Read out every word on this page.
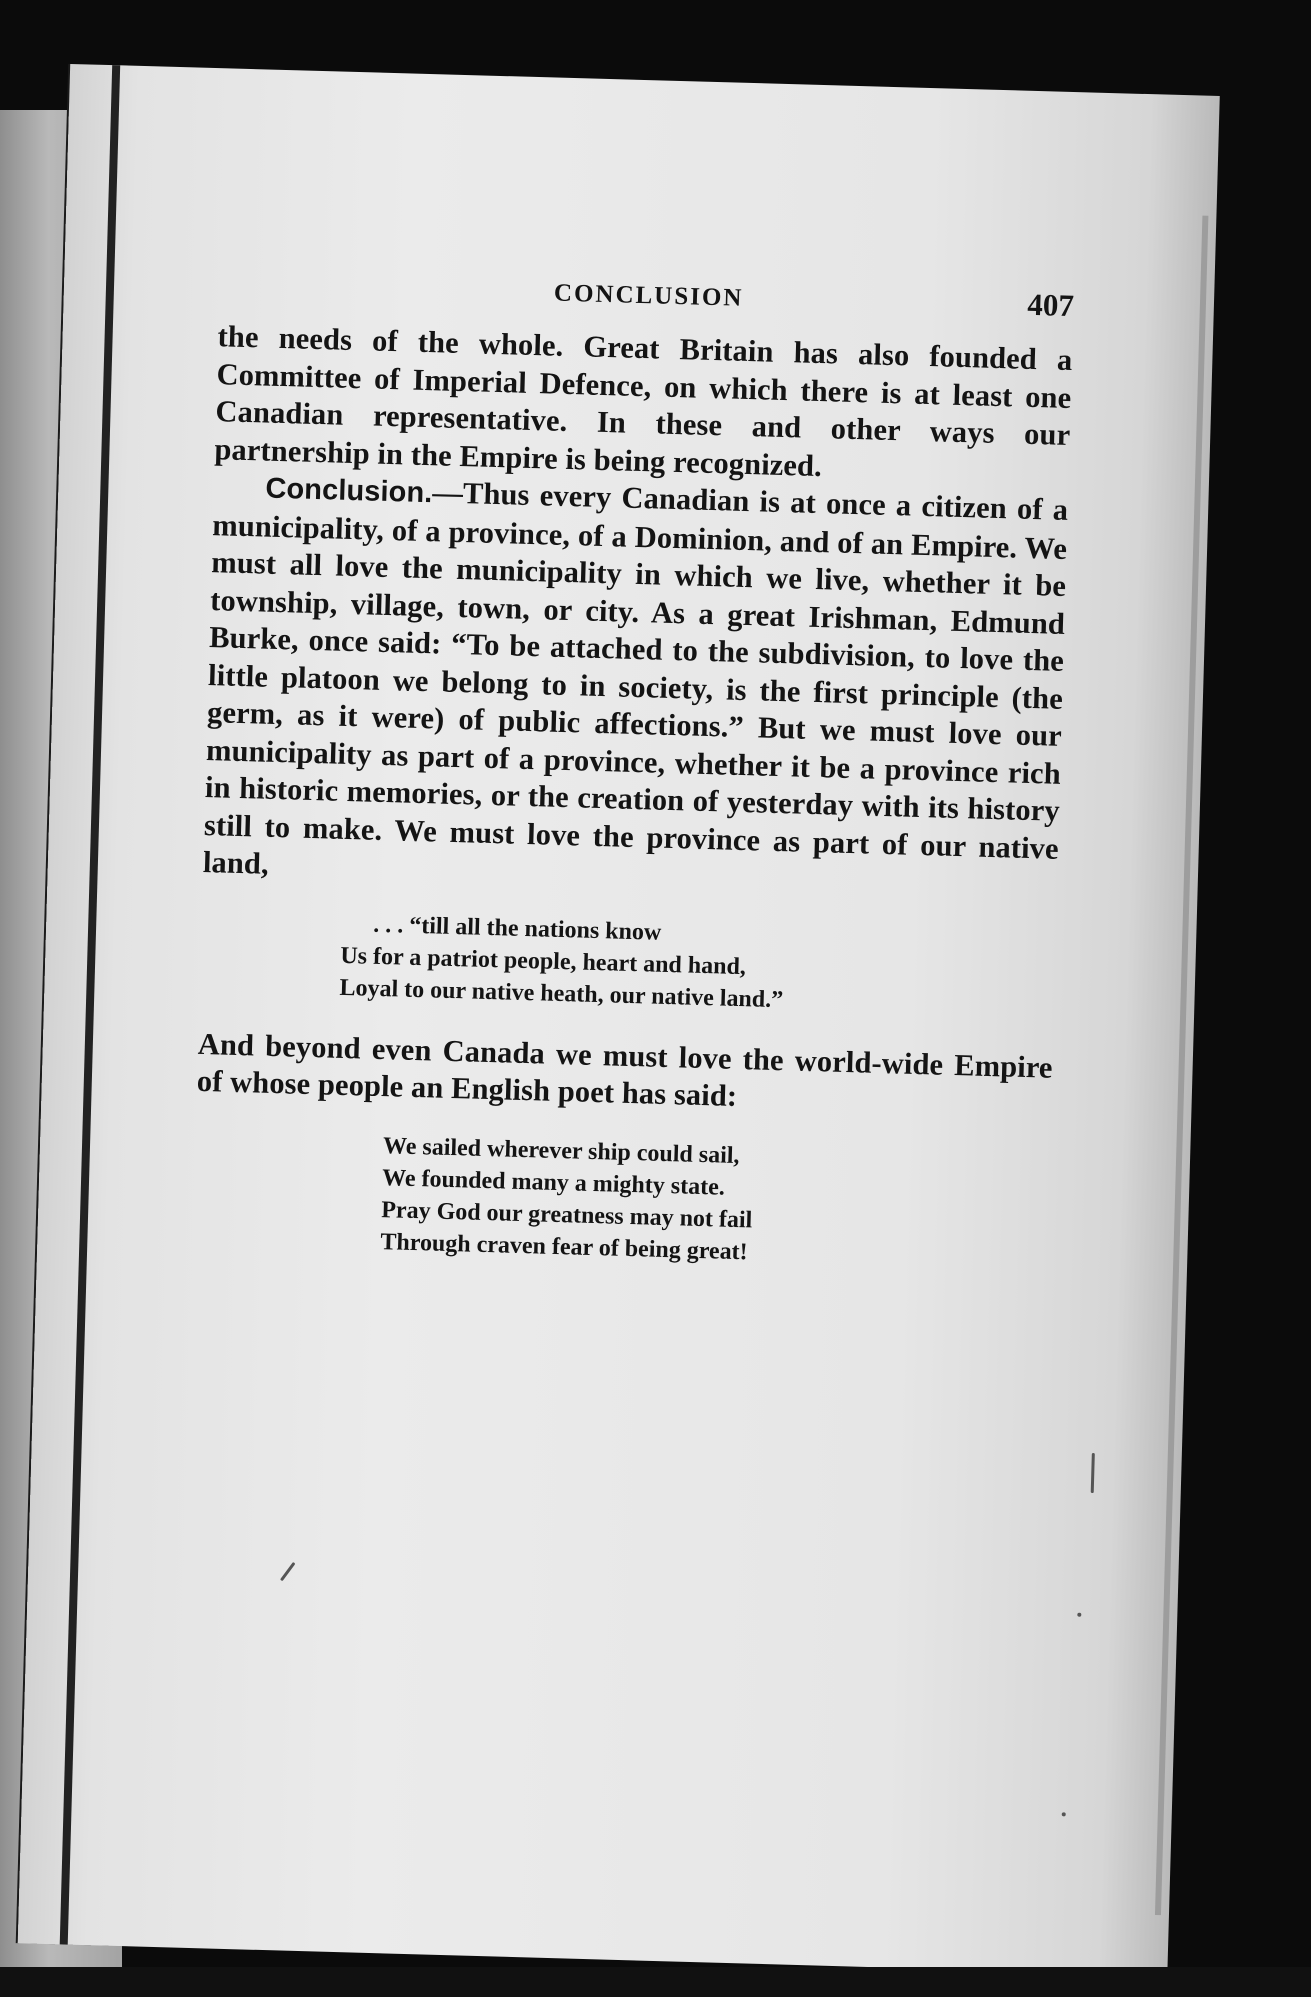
CONCLUSION	407

the needs of the whole. Great Britain has also founded a Committee of Imperial Defence, on which there is at least one Canadian representative. In these and other ways our partnership in the Empire is being recognized.

Conclusion.—Thus every Canadian is at once a citizen of a municipality, of a province, of a Dominion, and of an Empire. We must all love the municipality in which we live, whether it be township, village, town, or city. As a great Irishman, Edmund Burke, once said: “To be attached to the subdivision, to love the little platoon we belong to in society, is the first principle (the germ, as it were) of public affections.” But we must love our municipality as part of a province, whether it be a province rich in historic memories, or the creation of yesterday with its history still to make. We must love the province as part of our native land,

. . . “till all the nations know
Us for a patriot people, heart and hand,
Loyal to our native heath, our native land.”

And beyond even Canada we must love the world-wide Empire of whose people an English poet has said:

We sailed wherever ship could sail,
We founded many a mighty state.
Pray God our greatness may not fail
Through craven fear of being great!
